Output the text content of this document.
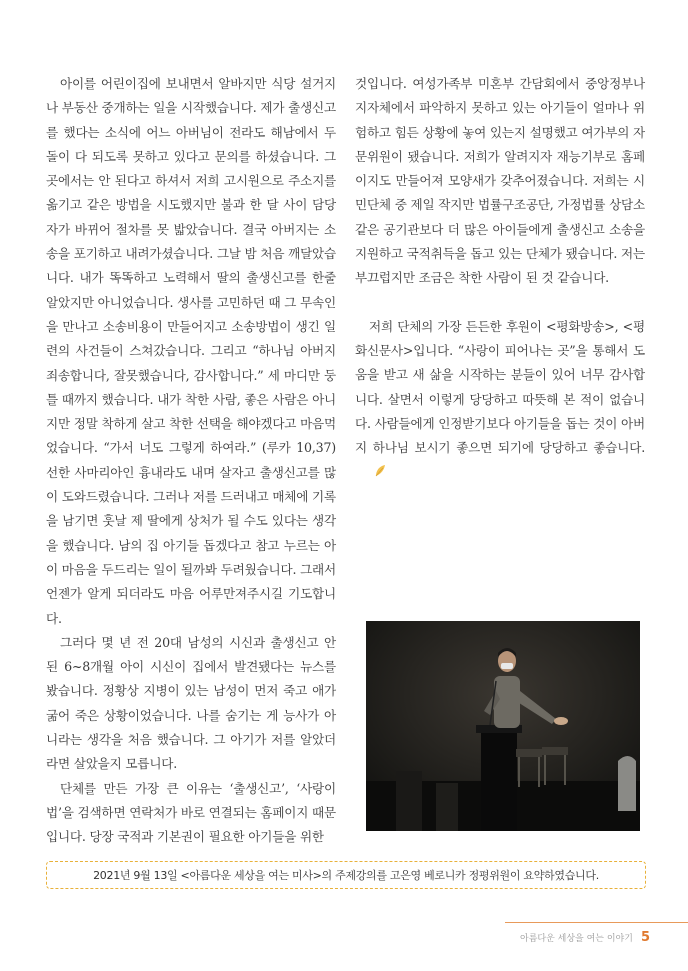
아이를 어린이집에 보내면서 알바지만 식당 설거지나 부동산 중개하는 일을 시작했습니다. 제가 출생신고를 했다는 소식에 어느 아버님이 전라도 해남에서 두 돌이 다 되도록 못하고 있다고 문의를 하셨습니다. 그곳에서는 안 된다고 하셔서 저희 고시원으로 주소지를 옮기고 같은 방법을 시도했지만 불과 한 달 사이 담당자가 바뀌어 절차를 못 밟았습니다. 결국 아버지는 소송을 포기하고 내려가셨습니다. 그날 밤 처음 깨달았습니다. 내가 똑똑하고 노력해서 딸의 출생신고를 한줄 알았지만 아니었습니다. 생사를 고민하던 때 그 무속인을 만나고 소송비용이 만들어지고 소송방법이 생긴 일련의 사건들이 스쳐갔습니다. 그리고 “하나님 아버지 죄송합니다, 잘못했습니다, 감사합니다.” 세 마디만 둥틀 때까지 했습니다. 내가 착한 사람, 좋은 사람은 아니지만 정말 착하게 살고 착한 선택을 해야겠다고 마음먹었습니다. “가서 너도 그렇게 하여라.” (루카 10,37) 선한 사마리아인 흉내라도 내며 살자고 출생신고를 많이 도와드렸습니다. 그러나 저를 드러내고 매체에 기록을 남기면 훗날 제 딸에게 상처가 될 수도 있다는 생각을 했습니다. 남의 집 아기들 돕겠다고 참고 누르는 아이 마음을 두드리는 일이 될까봐 두려웠습니다. 그래서 언젠가 알게 되더라도 마음 어루만져주시길 기도합니다.

그러다 몇 년 전 20대 남성의 시신과 출생신고 안 된 6~8개월 아이 시신이 집에서 발견됐다는 뉴스를 봤습니다. 정황상 지병이 있는 남성이 먼저 죽고 애가 굶어 죽은 상황이었습니다. 나를 숨기는 게 능사가 아니라는 생각을 처음 했습니다. 그 아기가 저를 알았더라면 살았을지 모릅니다.

단체를 만든 가장 큰 이유는 ‘출생신고’, ‘사랑이법’을 검색하면 연락처가 바로 연결되는 홈페이지 때문입니다. 당장 국적과 기본권이 필요한 아기들을 위한

것입니다. 여성가족부 미혼부 간담회에서 중앙정부나 지자체에서 파악하지 못하고 있는 아기들이 얼마나 위험하고 힘든 상황에 놓여 있는지 설명했고 여가부의 자문위원이 됐습니다. 저희가 알려지자 재능기부로 홈페이지도 만들어져 모양새가 갖추어졌습니다. 저희는 시민단체 중 제일 작지만 법률구조공단, 가정법률 상담소 같은 공기관보다 더 많은 아이들에게 출생신고 소송을 지원하고 국적취득을 돕고 있는 단체가 됐습니다. 저는 부끄럽지만 조금은 착한 사람이 된 것 같습니다.

저희 단체의 가장 든든한 후원이 <평화방송>, <평화신문사>입니다. “사랑이 피어나는 곳”을 통해서 도움을 받고 새 삶을 시작하는 분들이 있어 너무 감사합니다. 살면서 이렇게 당당하고 따뜻해 본 적이 없습니다. 사람들에게 인정받기보다 아기들을 돕는 것이 아버지 하나님 보시기 좋으면 되기에 당당하고 좋습니다.

2021년 9월 13일 <아름다운 세상을 여는 미사>의 주제강의를 고은영 베로니카 정평위원이 요약하였습니다.
아름다운 세상을 여는 이야기 5
